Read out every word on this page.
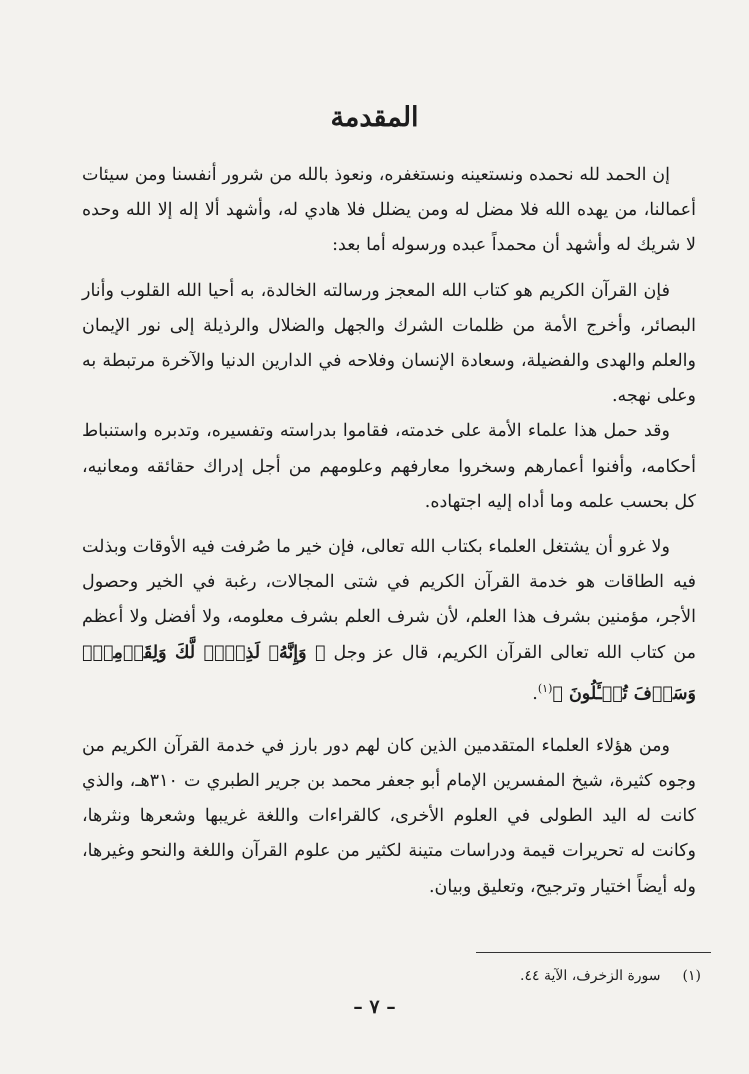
المقدمة

إن الحمد لله نحمده ونستعينه ونستغفره، ونعوذ بالله من شرور أنفسنا ومن سيئات أعمالنا، من يهده الله فلا مضل له ومن يضلل فلا هادي له، وأشهد ألا إله إلا الله وحده لا شريك له وأشهد أن محمداً عبده ورسوله أما بعد:

فإن القرآن الكريم هو كتاب الله المعجز ورسالته الخالدة، به أحيا الله القلوب وأنار البصائر، وأخرج الأمة من ظلمات الشرك والجهل والضلال والرذيلة إلى نور الإيمان والعلم والهدى والفضيلة، وسعادة الإنسان وفلاحه في الدارين الدنيا والآخرة مرتبطة به وعلى نهجه.

وقد حمل هذا علماء الأمة على خدمته، فقاموا بدراسته وتفسيره، وتدبره واستنباط أحكامه، وأفنوا أعمارهم وسخروا معارفهم وعلومهم من أجل إدراك حقائقه ومعانيه، كل بحسب علمه وما أداه إليه اجتهاده.

ولا غرو أن يشتغل العلماء بكتاب الله تعالى، فإن خير ما صُرفت فيه الأوقات وبذلت فيه الطاقات هو خدمة القرآن الكريم في شتى المجالات، رغبة في الخير وحصول الأجر، مؤمنين بشرف هذا العلم، لأن شرف العلم بشرف معلومه، ولا أفضل ولا أعظم من كتاب الله تعالى القرآن الكريم، قال عز وجل ﴿ وَإِنَّهُۥ لَذِكۡرٞ لَّكَ وَلِقَوۡمِكَۖ وَسَوۡفَ تُسۡـَٔلُونَ ﴾$^{(١)}$.

ومن هؤلاء العلماء المتقدمين الذين كان لهم دور بارز في خدمة القرآن الكريم من وجوه كثيرة، شيخ المفسرين الإمام أبو جعفر محمد بن جرير الطبري ت ٣١٠هـ، والذي كانت له اليد الطولى في العلوم الأخرى، كالقراءات واللغة غريبها وشعرها ونثرها، وكانت له تحريرات قيمة ودراسات متينة لكثير من علوم القرآن واللغة والنحو وغيرها، وله أيضاً اختيار وترجيح، وتعليق وبيان.

(١)سورة الزخرف، الآية ٤٤.
– ٧ –
